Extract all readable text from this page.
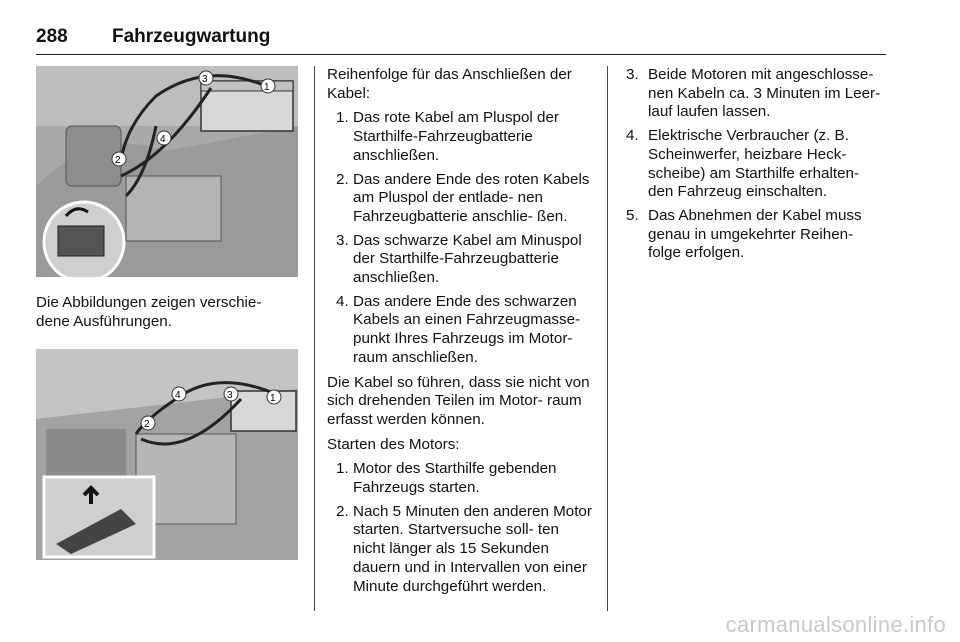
288 Fahrzeugwartung
3
1
4
2
Die Abbildungen zeigen verschie- dene Ausführungen.
4	3	1
2

Reihenfolge für das Anschließen der Kabel:

1. Das rote Kabel am Pluspol der Starthilfe-Fahrzeugbatterie anschließen.
2. Das andere Ende des roten Kabels am Pluspol der entlade- nen Fahrzeugbatterie anschlie- ßen.
3. Das schwarze Kabel am Minuspol der Starthilfe-Fahrzeugbatterie anschließen.
4. Das andere Ende des schwarzen Kabels an einen Fahrzeugmasse- punkt Ihres Fahrzeugs im Motor- raum anschließen.

Die Kabel so führen, dass sie nicht von sich drehenden Teilen im Motor- raum erfasst werden können.

Starten des Motors:

1. Motor des Starthilfe gebenden Fahrzeugs starten.
2. Nach 5 Minuten den anderen Motor starten. Startversuche soll- ten nicht länger als 15 Sekunden dauern und in Intervallen von einer Minute durchgeführt werden.
3. Beide Motoren mit angeschlosse- nen Kabeln ca. 3 Minuten im Leer- lauf laufen lassen.
4. Elektrische Verbraucher (z. B. Scheinwerfer, heizbare Heck- scheibe) am Starthilfe erhalten- den Fahrzeug einschalten.
5. Das Abnehmen der Kabel muss genau in umgekehrter Reihen- folge erfolgen.
carmanualsonline.info
